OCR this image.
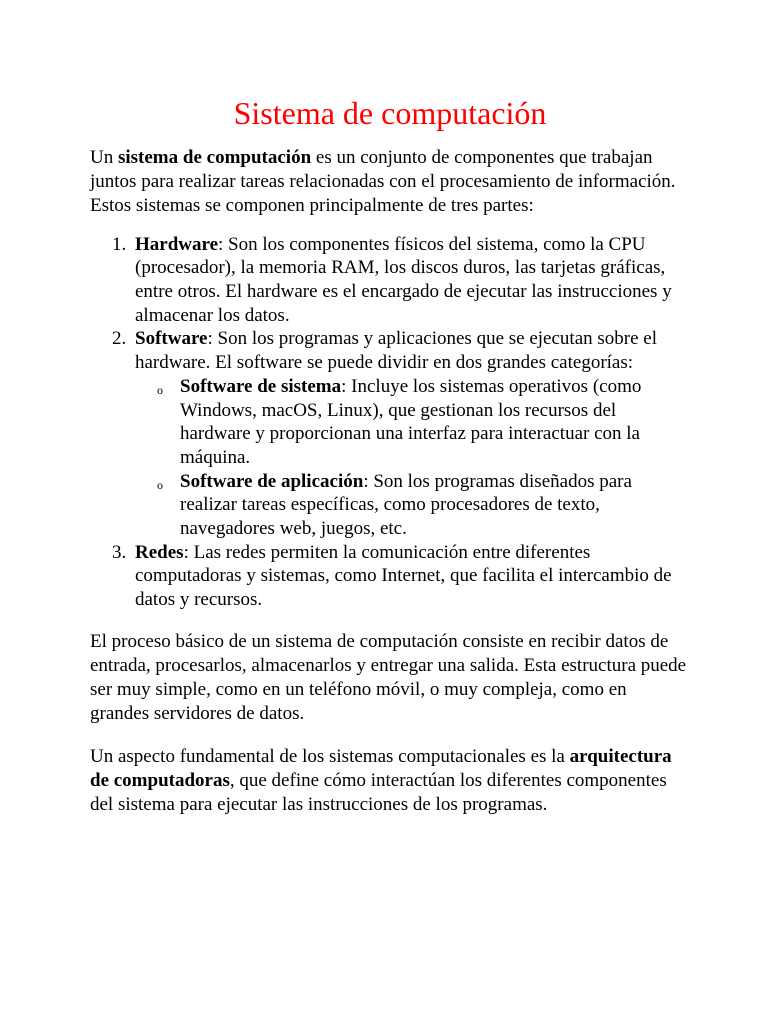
Sistema de computación

Un sistema de computación es un conjunto de componentes que trabajan juntos para realizar tareas relacionadas con el procesamiento de información. Estos sistemas se componen principalmente de tres partes:

1. Hardware: Son los componentes físicos del sistema, como la CPU (procesador), la memoria RAM, los discos duros, las tarjetas gráficas, entre otros. El hardware es el encargado de ejecutar las instrucciones y almacenar los datos.
2. Software: Son los programas y aplicaciones que se ejecutan sobre el hardware. El software se puede dividir en dos grandes categorías:
o Software de sistema: Incluye los sistemas operativos (como Windows, macOS, Linux), que gestionan los recursos del hardware y proporcionan una interfaz para interactuar con la máquina.
o Software de aplicación: Son los programas diseñados para realizar tareas específicas, como procesadores de texto, navegadores web, juegos, etc.
3. Redes: Las redes permiten la comunicación entre diferentes computadoras y sistemas, como Internet, que facilita el intercambio de datos y recursos.

El proceso básico de un sistema de computación consiste en recibir datos de entrada, procesarlos, almacenarlos y entregar una salida. Esta estructura puede ser muy simple, como en un teléfono móvil, o muy compleja, como en grandes servidores de datos.

Un aspecto fundamental de los sistemas computacionales es la arquitectura de computadoras, que define cómo interactúan los diferentes componentes del sistema para ejecutar las instrucciones de los programas.
